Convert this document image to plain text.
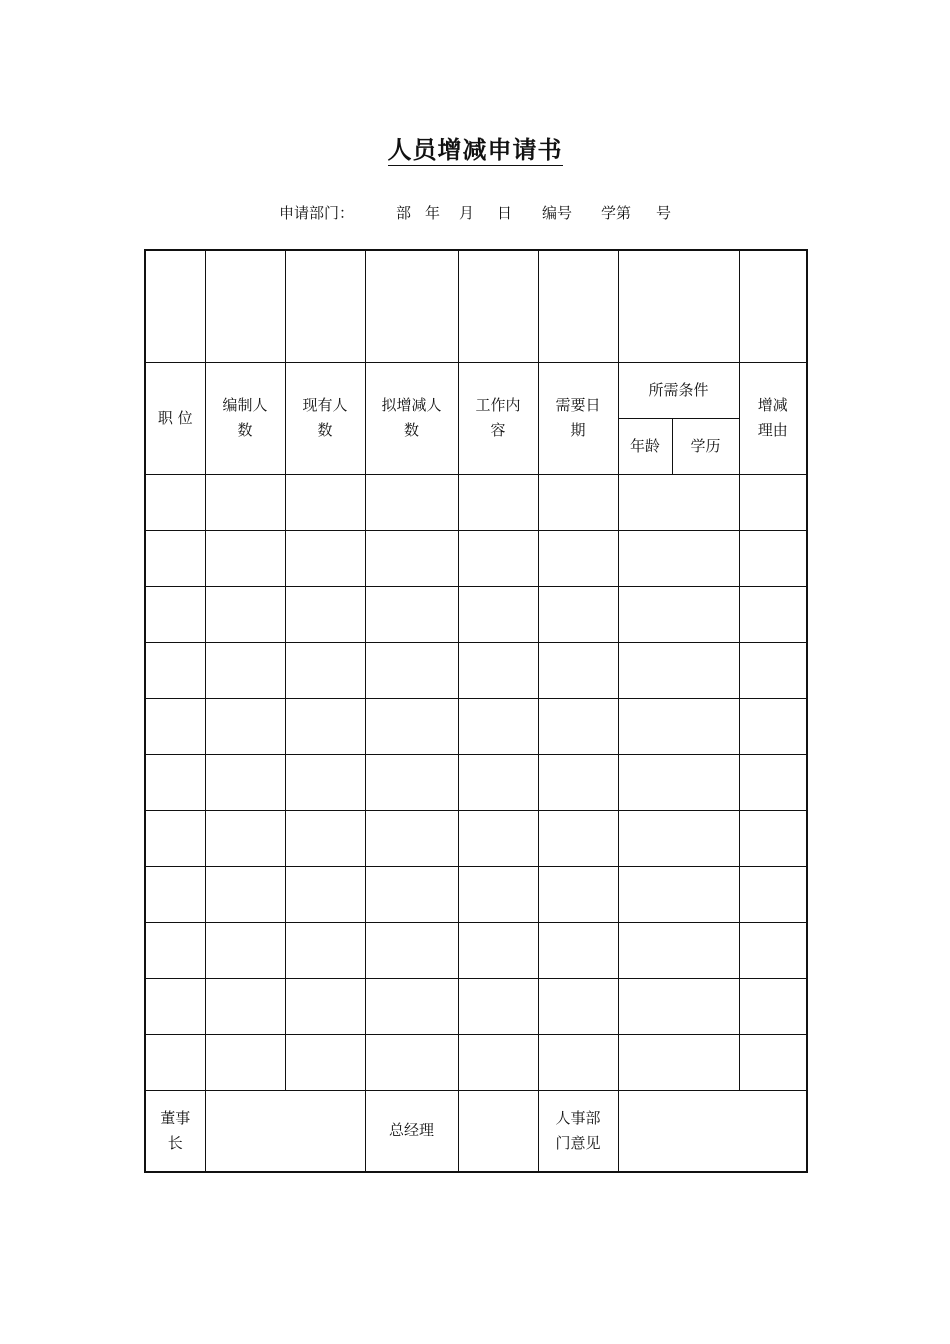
人员增减申请书
申请部门：	部 年 月 日 编号 学第 号

职 位	编制人数	现有人数	拟增减人数	工作内容	需要日期	所需条件		增减理由
						年龄	学历	

董事长			总经理		人事部门意见			
